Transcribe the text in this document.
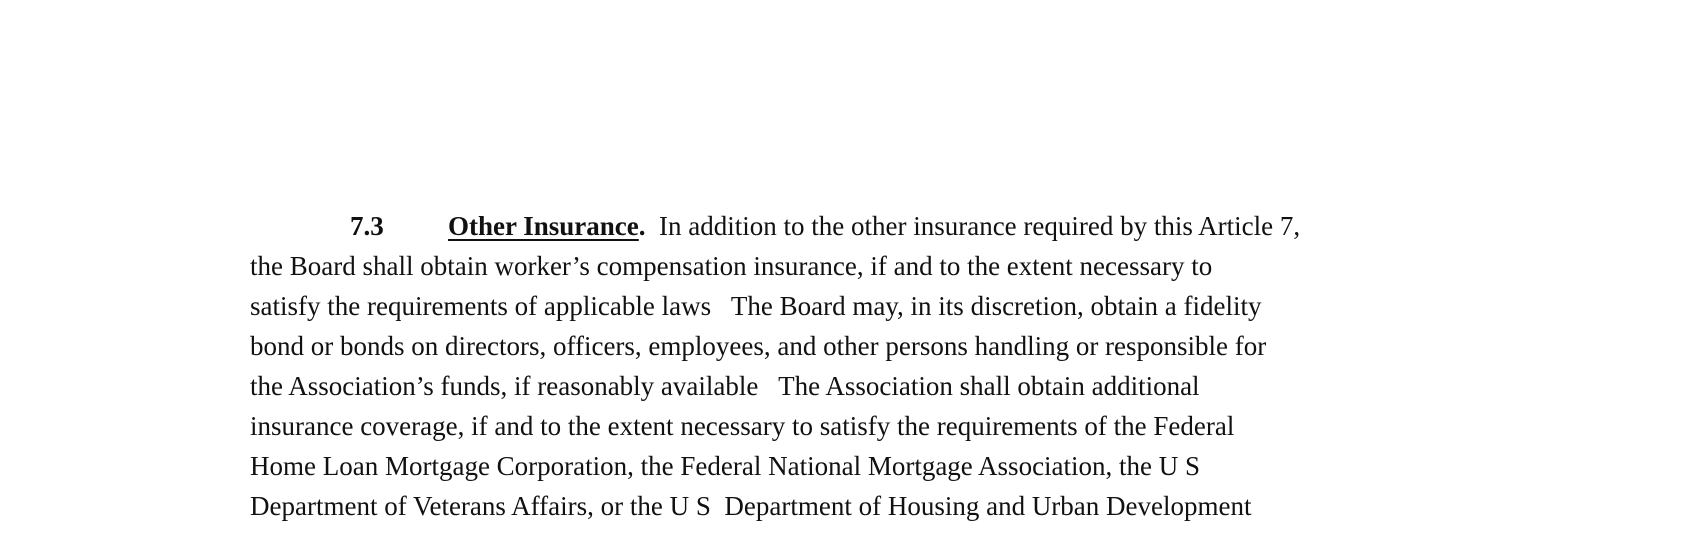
7.3 Other Insurance.  In addition to the other insurance required by this Article 7,
the Board shall obtain worker’s compensation insurance, if and to the extent necessary to
satisfy the requirements of applicable laws   The Board may, in its discretion, obtain a fidelity
bond or bonds on directors, officers, employees, and other persons handling or responsible for
the Association’s funds, if reasonably available   The Association shall obtain additional
insurance coverage, if and to the extent necessary to satisfy the requirements of the Federal
Home Loan Mortgage Corporation, the Federal National Mortgage Association, the U S
Department of Veterans Affairs, or the U S  Department of Housing and Urban Development
